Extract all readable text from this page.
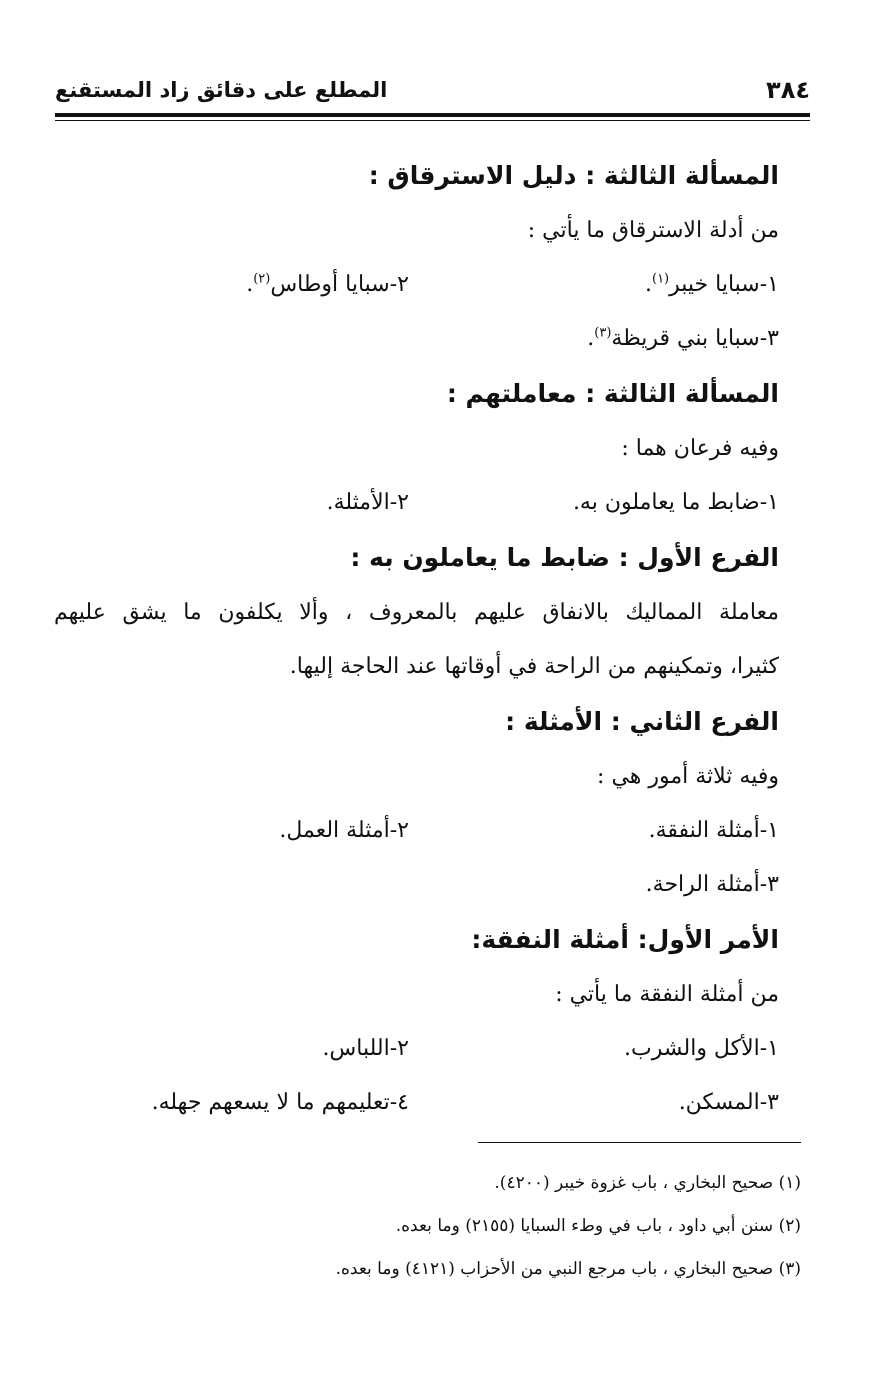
٣٨٤
المطلع على دقائق زاد المستقنع
المسألة الثالثة : دليل الاسترقاق :
من أدلة الاسترقاق ما يأتي :
١-سبايا خيبر$^{(١)}$.
٢-سبايا أوطاس$^{(٢)}$.
٣-سبايا بني قريظة$^{(٣)}$.
المسألة الثالثة : معاملتهم :
وفيه فرعان هما :
١-ضابط ما يعاملون به.
٢-الأمثلة.
الفرع الأول : ضابط ما يعاملون به :
معاملة المماليك بالانفاق عليهم بالمعروف ، وألا يكلفون ما يشق عليهم
كثيرا، وتمكينهم من الراحة في أوقاتها عند الحاجة إليها.
الفرع الثاني : الأمثلة :
وفيه ثلاثة أمور هي :
١-أمثلة النفقة.
٢-أمثلة العمل.
٣-أمثلة الراحة.
الأمر الأول: أمثلة النفقة:
من أمثلة النفقة ما يأتي :
١-الأكل والشرب.
٢-اللباس.
٣-المسكن.
٤-تعليمهم ما لا يسعهم جهله.
(١) صحيح البخاري ، باب غزوة خيبر (٤٢٠٠).
(٢) سنن أبي داود ، باب في وطء السبايا (٢١٥٥) وما بعده.
(٣) صحيح البخاري ، باب مرجع النبي من الأحزاب (٤١٢١) وما بعده.
